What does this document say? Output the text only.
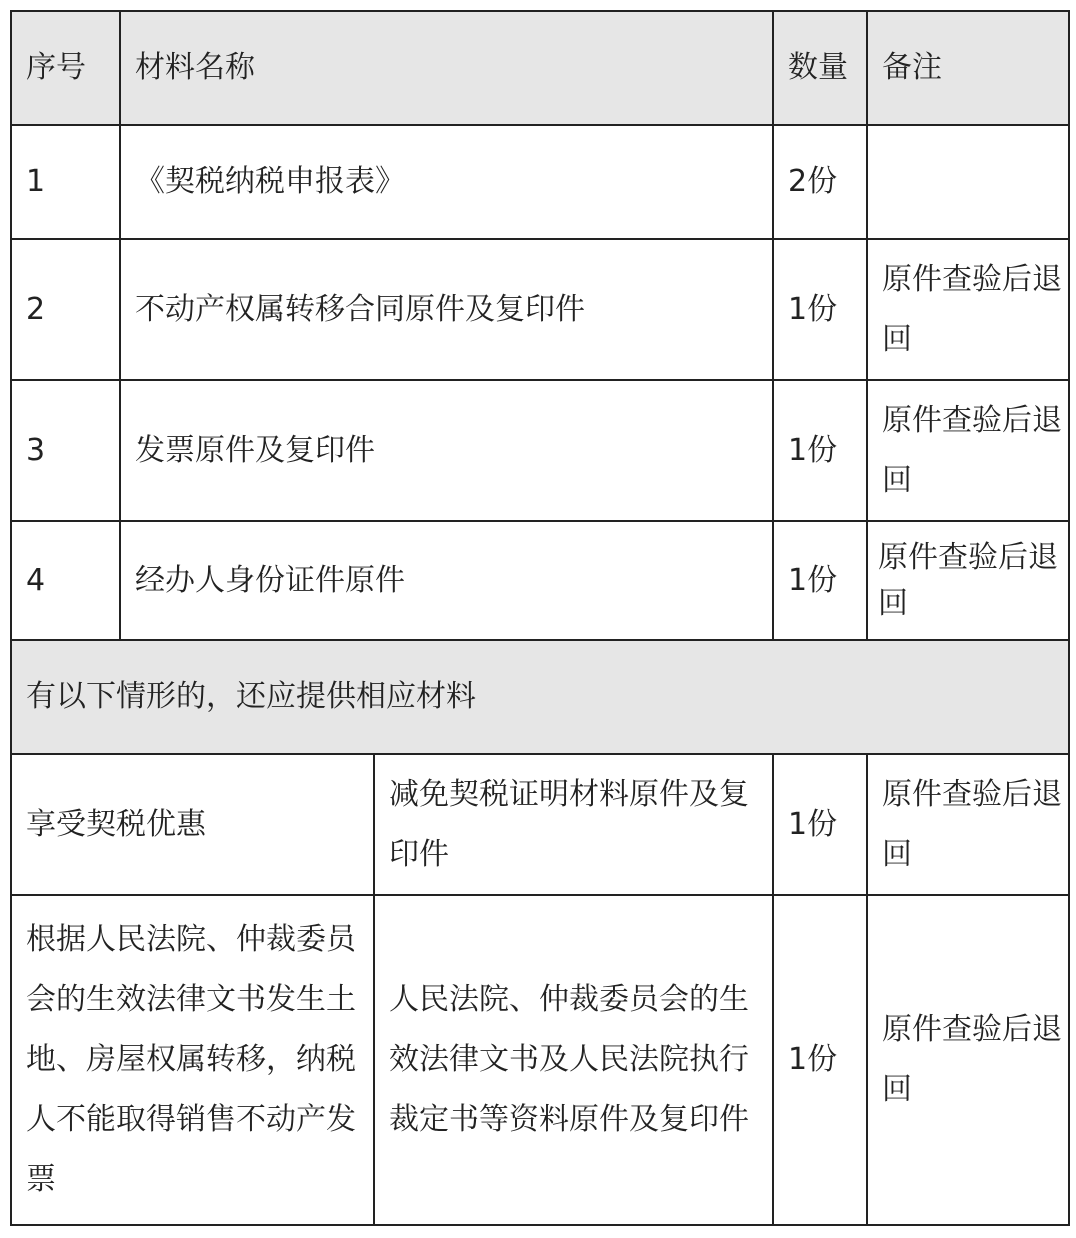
序号	材料名称		数量	备注
1	《契税纳税申报表》		2份	
2	不动产权属转移合同原件及复印件		1份	原件查验后退回
3	发票原件及复印件		1份	原件查验后退回
4	经办人身份证件原件		1份	原件查验后退回
有以下情形的，还应提供相应材料				
享受契税优惠		减免契税证明材料原件及复印件	1份	原件查验后退回
根据人民法院、仲裁委员会的生效法律文书发生土地、房屋权属转移，纳税人不能取得销售不动产发票		人民法院、仲裁委员会的生效法律文书及人民法院执行裁定书等资料原件及复印件	1份	原件查验后退回
